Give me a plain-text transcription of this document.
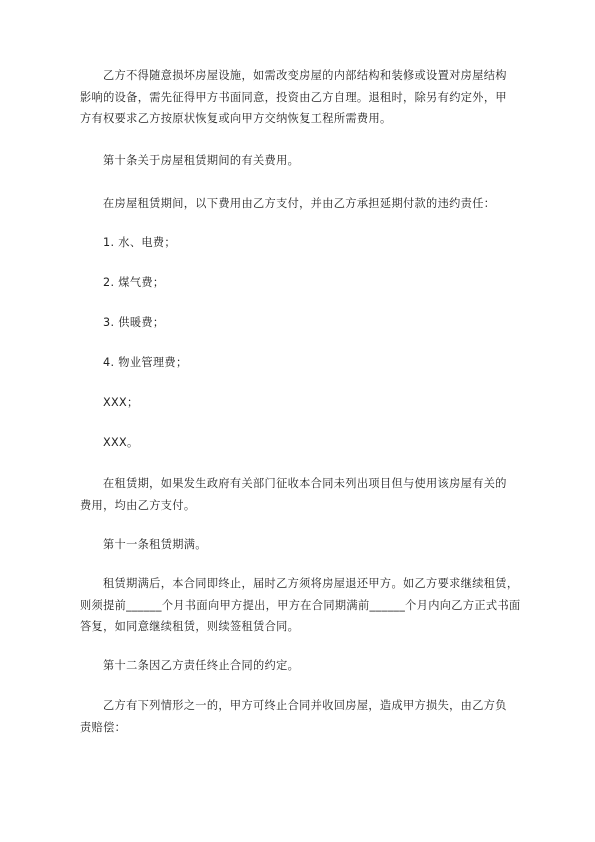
乙方不得随意损坏房屋设施，如需改变房屋的内部结构和装修或设置对房屋结构
影响的设备，需先征得甲方书面同意，投资由乙方自理。退租时，除另有约定外，甲
方有权要求乙方按原状恢复或向甲方交纳恢复工程所需费用。

第十条关于房屋租赁期间的有关费用。

在房屋租赁期间，以下费用由乙方支付，并由乙方承担延期付款的违约责任：

1. 水、电费；

2. 煤气费；

3. 供暖费；

4. 物业管理费；

XXX；

XXX。

在租赁期，如果发生政府有关部门征收本合同未列出项目但与使用该房屋有关的
费用，均由乙方支付。

第十一条租赁期满。

租赁期满后，本合同即终止，届时乙方须将房屋退还甲方。如乙方要求继续租赁，
则须提前______个月书面向甲方提出，甲方在合同期满前______个月内向乙方正式书面
答复，如同意继续租赁，则续签租赁合同。

第十二条因乙方责任终止合同的约定。

乙方有下列情形之一的，甲方可终止合同并收回房屋，造成甲方损失，由乙方负
责赔偿：
